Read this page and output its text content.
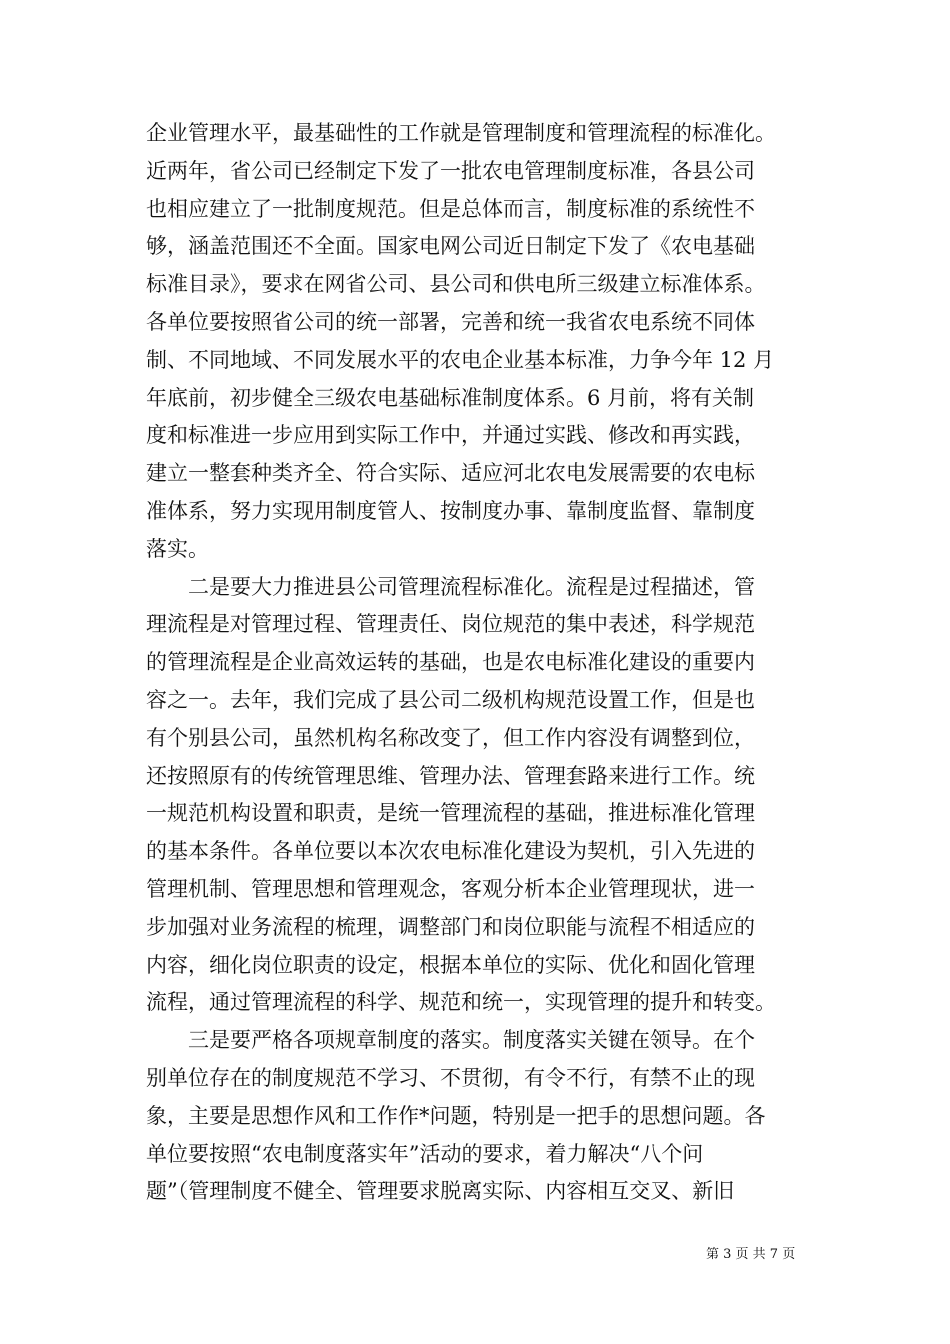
企业管理水平，最基础性的工作就是管理制度和管理流程的标准化。
近两年，省公司已经制定下发了一批农电管理制度标准，各县公司
也相应建立了一批制度规范。但是总体而言，制度标准的系统性不
够，涵盖范围还不全面。国家电网公司近日制定下发了《农电基础
标准目录》，要求在网省公司、县公司和供电所三级建立标准体系。
各单位要按照省公司的统一部署，完善和统一我省农电系统不同体
制、不同地域、不同发展水平的农电企业基本标准，力争今年 12 月
年底前，初步健全三级农电基础标准制度体系。6 月前，将有关制
度和标准进一步应用到实际工作中，并通过实践、修改和再实践，
建立一整套种类齐全、符合实际、适应河北农电发展需要的农电标
准体系，努力实现用制度管人、按制度办事、靠制度监督、靠制度
落实。
二是要大力推进县公司管理流程标准化。流程是过程描述，管
理流程是对管理过程、管理责任、岗位规范的集中表述，科学规范
的管理流程是企业高效运转的基础，也是农电标准化建设的重要内
容之一。去年，我们完成了县公司二级机构规范设置工作，但是也
有个别县公司，虽然机构名称改变了，但工作内容没有调整到位，
还按照原有的传统管理思维、管理办法、管理套路来进行工作。统
一规范机构设置和职责，是统一管理流程的基础，推进标准化管理
的基本条件。各单位要以本次农电标准化建设为契机，引入先进的
管理机制、管理思想和管理观念，客观分析本企业管理现状，进一
步加强对业务流程的梳理，调整部门和岗位职能与流程不相适应的
内容，细化岗位职责的设定，根据本单位的实际、优化和固化管理
流程，通过管理流程的科学、规范和统一，实现管理的提升和转变。
三是要严格各项规章制度的落实。制度落实关键在领导。在个
别单位存在的制度规范不学习、不贯彻，有令不行，有禁不止的现
象，主要是思想作风和工作作*问题，特别是一把手的思想问题。各
单位要按照“农电制度落实年”活动的要求，着力解决“八个问
题”（管理制度不健全、管理要求脱离实际、内容相互交叉、新旧
第 3 页 共 7 页
